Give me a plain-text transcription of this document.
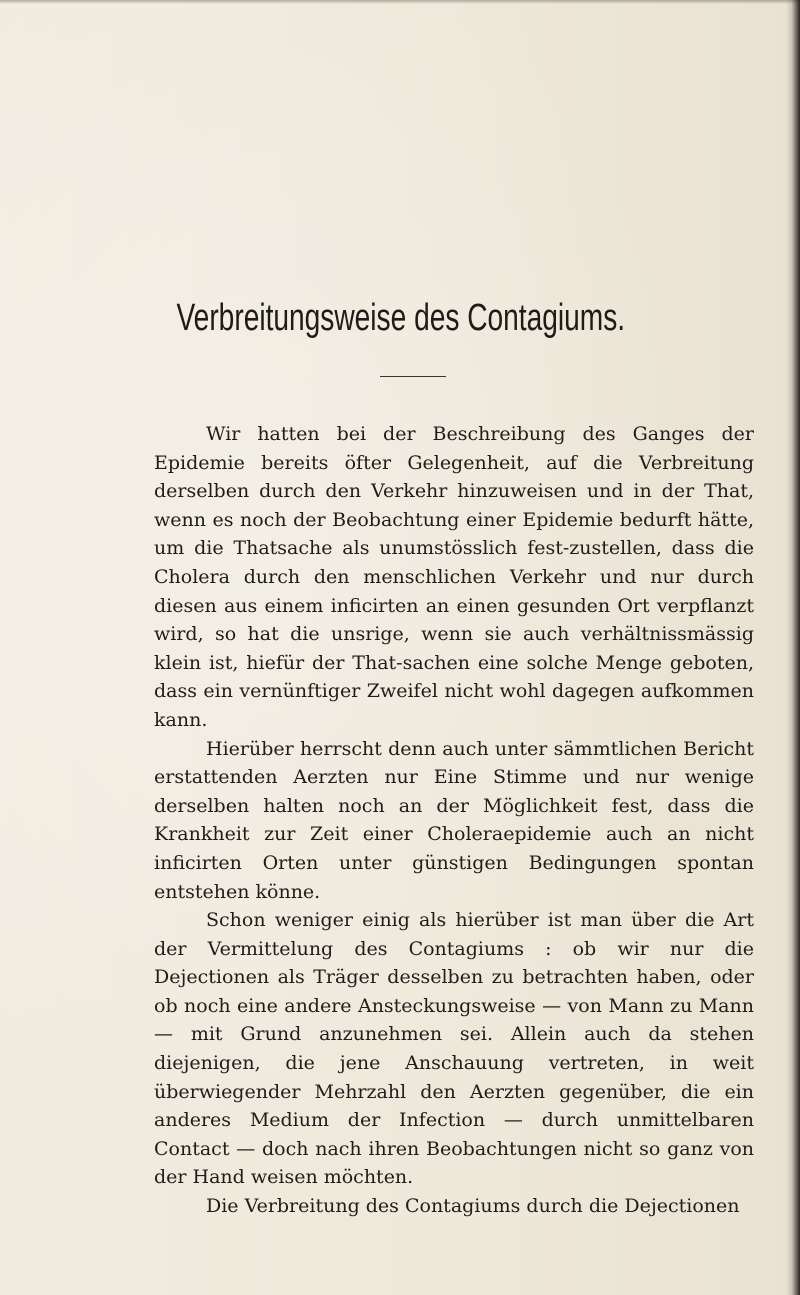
Verbreitungsweise des Contagiums.

Wir hatten bei der Beschreibung des Ganges der Epidemie bereits öfter Gelegenheit, auf die Verbreitung derselben durch den Verkehr hinzuweisen und in der That, wenn es noch der Beobachtung einer Epidemie bedurft hätte, um die Thatsache als unumstösslich fest-zustellen, dass die Cholera durch den menschlichen Verkehr und nur durch diesen aus einem inficirten an einen gesunden Ort verpflanzt wird, so hat die unsrige, wenn sie auch verhältnissmässig klein ist, hiefür der That-sachen eine solche Menge geboten, dass ein vernünftiger Zweifel nicht wohl dagegen aufkommen kann.

Hierüber herrscht denn auch unter sämmtlichen Bericht erstattenden Aerzten nur Eine Stimme und nur wenige derselben halten noch an der Möglichkeit fest, dass die Krankheit zur Zeit einer Choleraepidemie auch an nicht inficirten Orten unter günstigen Bedingungen spontan entstehen könne.

Schon weniger einig als hierüber ist man über die Art der Vermittelung des Contagiums : ob wir nur die Dejectionen als Träger desselben zu betrachten haben, oder ob noch eine andere Ansteckungsweise — von Mann zu Mann — mit Grund anzunehmen sei. Allein auch da stehen diejenigen, die jene Anschauung vertreten, in weit überwiegender Mehrzahl den Aerzten gegenüber, die ein anderes Medium der Infection — durch unmittelbaren Contact — doch nach ihren Beobachtungen nicht so ganz von der Hand weisen möchten.

Die Verbreitung des Contagiums durch die Dejectionen
